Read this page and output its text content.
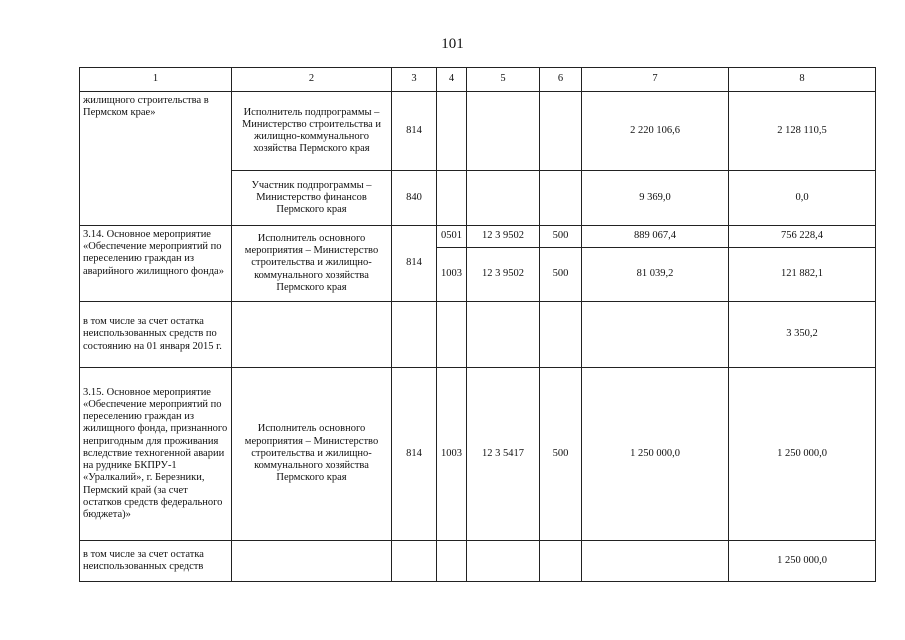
101
1	2	3	4	5	6	7	8
жилищного строительства в Пермском крае»	Исполнитель подпрограммы – Министерство строительства и жилищно-коммунального хозяйства Пермского края	814				2 220 106,6	2 128 110,5
	Участник подпрограммы – Министерство финансов Пермского края	840				9 369,0	0,0
3.14. Основное мероприятие «Обеспечение мероприятий по переселению граждан из аварийного жилищного фонда»	Исполнитель основного мероприятия – Министерство строительства и жилищно-коммунального хозяйства Пермского края	814	0501	12 3 9502	500	889 067,4	756 228,4
			1003	12 3 9502	500	81 039,2	121 882,1
в том числе за счет остатка неиспользованных средств по состоянию на 01 января 2015 г.							3 350,2
3.15. Основное мероприятие «Обеспечение мероприятий по переселению граждан из жилищного фонда, признанного непригодным для проживания вследствие техногенной аварии на руднике БКПРУ-1 «Уралкалий», г. Березники, Пермский край (за счет остатков средств федерального бюджета)»	Исполнитель основного мероприятия – Министерство строительства и жилищно-коммунального хозяйства Пермского края	814	1003	12 3 5417	500	1 250 000,0	1 250 000,0
в том числе за счет остатка неиспользованных средств							1 250 000,0
